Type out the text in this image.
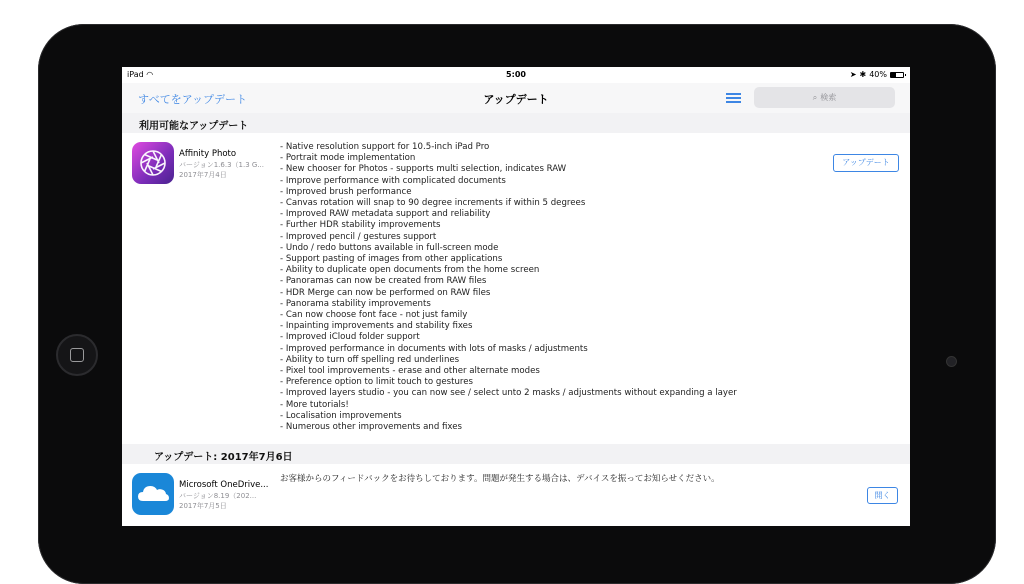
iPad ◠	5:00	➤ ✱ 40%
すべてをアップデート	アップデート	⌕ 検索
利用可能なアップデート
Affinity Photo
バージョン1.6.3（1.3 G...
2017年7月4日
- Native resolution support for 10.5-inch iPad Pro
- Portrait mode implementation
- New chooser for Photos - supports multi selection, indicates RAW
- Improve performance with complicated documents
- Improved brush performance
- Canvas rotation will snap to 90 degree increments if within 5 degrees
- Improved RAW metadata support and reliability
- Further HDR stability improvements
- Improved pencil / gestures support
- Undo / redo buttons available in full-screen mode
- Support pasting of images from other applications
- Ability to duplicate open documents from the home screen
- Panoramas can now be created from RAW files
- HDR Merge can now be performed on RAW files
- Panorama stability improvements
- Can now choose font face - not just family
- Inpainting improvements and stability fixes
- Improved iCloud folder support
- Improved performance in documents with lots of masks / adjustments
- Ability to turn off spelling red underlines
- Pixel tool improvements - erase and other alternate modes
- Preference option to limit touch to gestures
- Improved layers studio - you can now see / select unto 2 masks / adjustments without expanding a layer
- More tutorials!
- Localisation improvements
- Numerous other improvements and fixes
アップデート
アップデート: 2017年7月6日
Microsoft OneDrive...
バージョン8.19（202...
2017年7月5日
お客様からのフィードバックをお待ちしております。問題が発生する場合は、デバイスを振ってお知らせください。
開く
